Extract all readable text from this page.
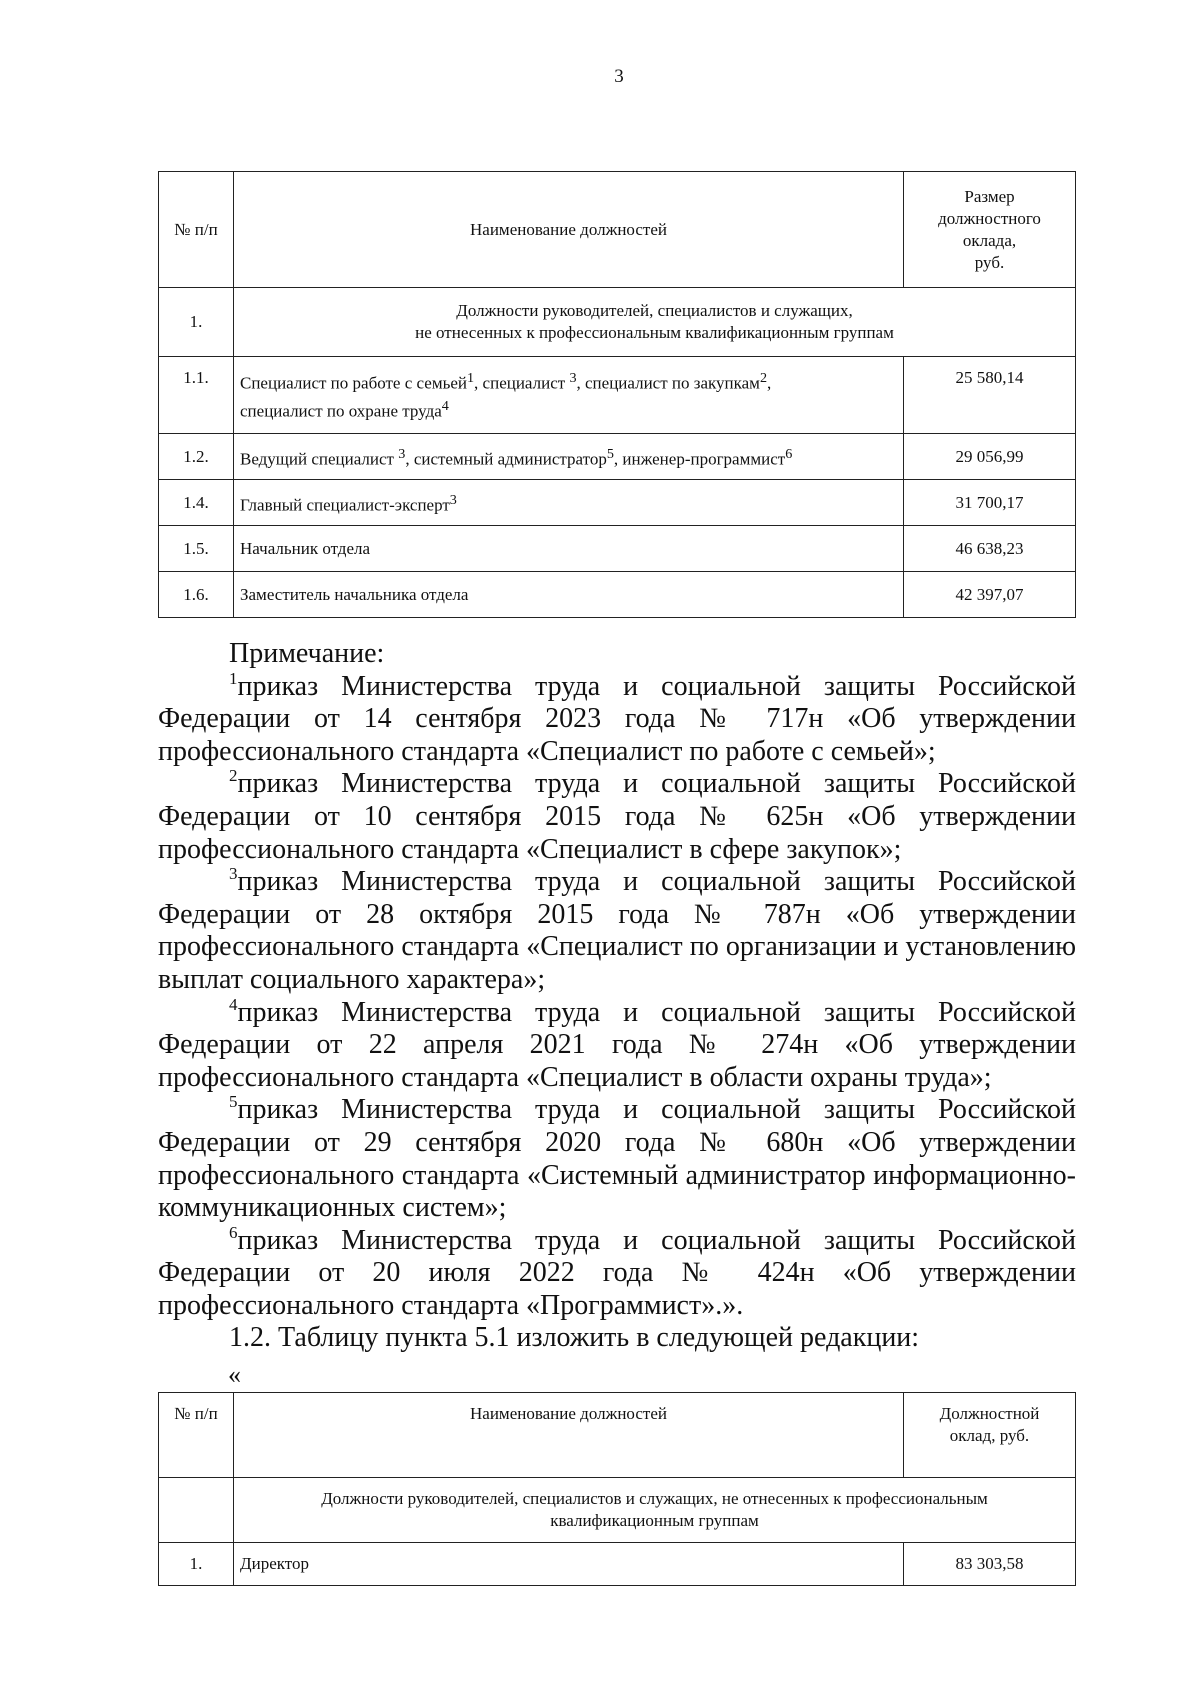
3
№ п/п	Наименование должностей	Размер
должностного
оклада,
руб.

1.	Должности руководителей, специалистов и служащих,
не отнесенных к профессиональным квалификационным группам	

1.1.	Специалист по работе с семьей$^1$, специалист $^3$, специалист по закупкам$^2$,
специалист по охране труда$^4$	25 580,14
1.2.	Ведущий специалист $^3$, системный администратор$^5$, инженер-программист$^6$	29 056,99
1.4.	Главный специалист-эксперт$^3$	31 700,17
1.5.	Начальник отдела	46 638,23
1.6.	Заместитель начальника отдела	42 397,07

Примечание:

$^1$приказ Министерства труда и социальной защиты Российской Федерации от 14 сентября 2023 года № 717н «Об утверждении профессионального стандарта «Специалист по работе с семьей»;

$^2$приказ Министерства труда и социальной защиты Российской Федерации от 10 сентября 2015 года № 625н «Об утверждении профессионального стандарта «Специалист в сфере закупок»;

$^3$приказ Министерства труда и социальной защиты Российской Федерации от 28 октября 2015 года № 787н «Об утверждении профессионального стандарта «Специалист по организации и установлению выплат социального характера»;

$^4$приказ Министерства труда и социальной защиты Российской Федерации от 22 апреля 2021 года № 274н «Об утверждении профессионального стандарта «Специалист в области охраны труда»;

$^5$приказ Министерства труда и социальной защиты Российской Федерации от 29 сентября 2020 года № 680н «Об утверждении профессионального стандарта «Системный администратор информационно-коммуникационных систем»;

$^6$приказ Министерства труда и социальной защиты Российской Федерации от 20 июля 2022 года № 424н «Об утверждении профессионального стандарта «Программист».».

1.2. Таблицу пункта 5.1 изложить в следующей редакции:

«
№ п/п	Наименование должностей	Должностной
оклад, руб.

	Должности руководителей, специалистов и служащих, не отнесенных к профессиональным
квалификационным группам	

1.	Директор	83 303,58
